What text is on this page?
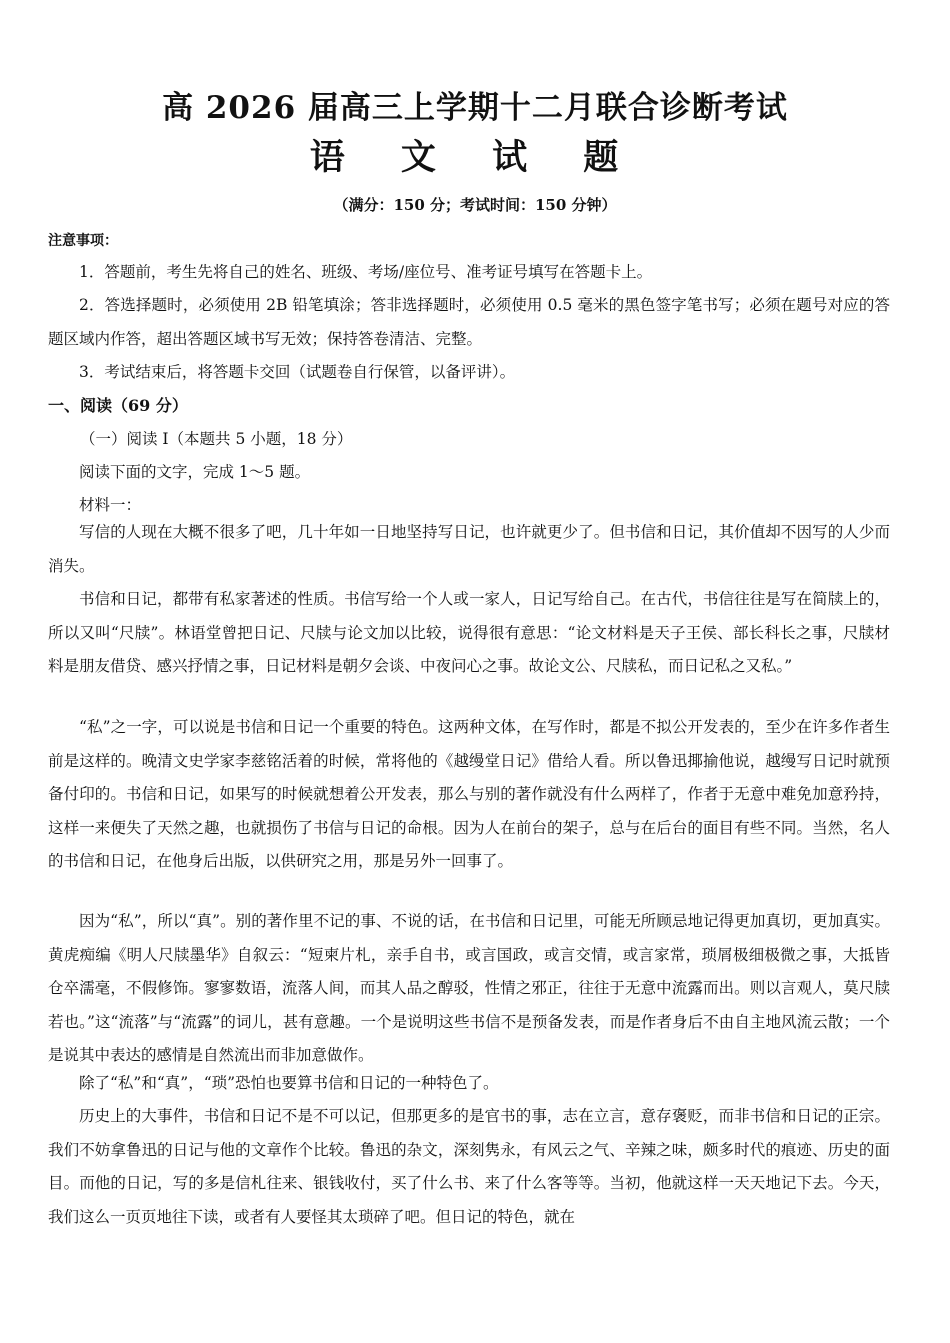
高 2026 届高三上学期十二月联合诊断考试
语 文 试 题
（满分：150 分；考试时间：150 分钟）
注意事项：

1．答题前，考生先将自己的姓名、班级、考场/座位号、准考证号填写在答题卡上。

2．答选择题时，必须使用 2B 铅笔填涂；答非选择题时，必须使用 0.5 毫米的黑色签字笔书写；必须在题号对应的答题区域内作答，超出答题区域书写无效；保持答卷清洁、完整。

3．考试结束后，将答题卡交回（试题卷自行保管，以备评讲）。

一、阅读（69 分）

（一）阅读 I（本题共 5 小题，18 分）

阅读下面的文字，完成 1～5 题。

材料一：

写信的人现在大概不很多了吧，几十年如一日地坚持写日记，也许就更少了。但书信和日记，其价值却不因写的人少而消失。

书信和日记，都带有私家著述的性质。书信写给一个人或一家人，日记写给自己。在古代，书信往往是写在简牍上的，所以又叫“尺牍”。林语堂曾把日记、尺牍与论文加以比较，说得很有意思：“论文材料是天子王侯、部长科长之事，尺牍材料是朋友借贷、感兴抒情之事，日记材料是朝夕会谈、中夜问心之事。故论文公、尺牍私，而日记私之又私。”

“私”之一字，可以说是书信和日记一个重要的特色。这两种文体，在写作时，都是不拟公开发表的，至少在许多作者生前是这样的。晚清文史学家李慈铭活着的时候，常将他的《越缦堂日记》借给人看。所以鲁迅揶揄他说，越缦写日记时就预备付印的。书信和日记，如果写的时候就想着公开发表，那么与别的著作就没有什么两样了，作者于无意中难免加意矜持，这样一来便失了天然之趣，也就损伤了书信与日记的命根。因为人在前台的架子，总与在后台的面目有些不同。当然，名人的书信和日记，在他身后出版，以供研究之用，那是另外一回事了。

因为“私”，所以“真”。别的著作里不记的事、不说的话，在书信和日记里，可能无所顾忌地记得更加真切，更加真实。黄虎痴编《明人尺牍墨华》自叙云：“短柬片札，亲手自书，或言国政，或言交情，或言家常，琐屑极细极微之事，大抵皆仓卒濡毫，不假修饰。寥寥数语，流落人间，而其人品之醇驳，性情之邪正，往往于无意中流露而出。则以言观人，莫尺牍若也。”这“流落”与“流露”的词儿，甚有意趣。一个是说明这些书信不是预备发表，而是作者身后不由自主地风流云散；一个是说其中表达的感情是自然流出而非加意做作。

除了“私”和“真”，“琐”恐怕也要算书信和日记的一种特色了。

历史上的大事件，书信和日记不是不可以记，但那更多的是官书的事，志在立言，意存褒贬，而非书信和日记的正宗。我们不妨拿鲁迅的日记与他的文章作个比较。鲁迅的杂文，深刻隽永，有风云之气、辛辣之味，颇多时代的痕迹、历史的面目。而他的日记，写的多是信札往来、银钱收付，买了什么书、来了什么客等等。当初，他就这样一天天地记下去。今天，我们这么一页页地往下读，或者有人要怪其太琐碎了吧。但日记的特色，就在
